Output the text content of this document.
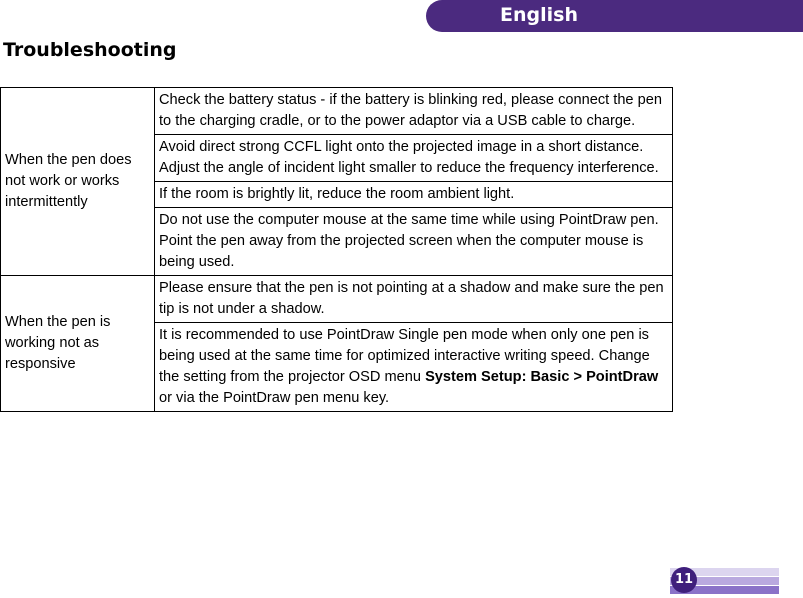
English
Troubleshooting
When the pen does not work or works intermittently	Check the battery status - if the battery is blinking red, please connect the pen to the charging cradle, or to the power adaptor via a USB cable to charge.
	Avoid direct strong CCFL light onto the projected image in a short distance. Adjust the angle of incident light smaller to reduce the frequency interference.
	If the room is brightly lit, reduce the room ambient light.
	Do not use the computer mouse at the same time while using PointDraw pen. Point the pen away from the projected screen when the computer mouse is being used.
When the pen is working not as responsive	Please ensure that the pen is not pointing at a shadow and make sure the pen tip is not under a shadow.
	It is recommended to use PointDraw Single pen mode when only one pen is being used at the same time for optimized interactive writing speed. Change the setting from the projector OSD menu System Setup: Basic > PointDraw or via the PointDraw pen menu key.
11
